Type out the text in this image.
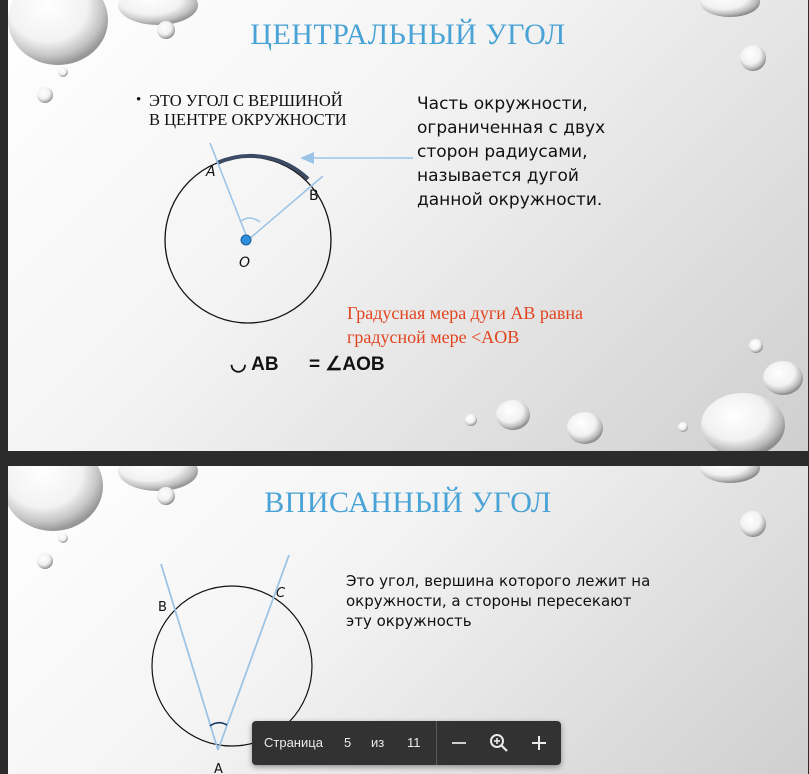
ЦЕНТРАЛЬНЫЙ УГОЛ
• ЭТО УГОЛ С ВЕРШИНОЙ
В ЦЕНТРЕ ОКРУЖНОСТИ
Часть окружности,
ограниченная с двух
сторон радиусами,
называется дугой
данной окружности.
A
B
O
Градусная мера дуги АВ равна
градусной мере <AOB
◡ AB = ∠AOB
ВПИСАННЫЙ УГОЛ
Это угол, вершина которого лежит на
окружности, а стороны пересекают
эту окружность
B
C
A
Страница 5 из 11
